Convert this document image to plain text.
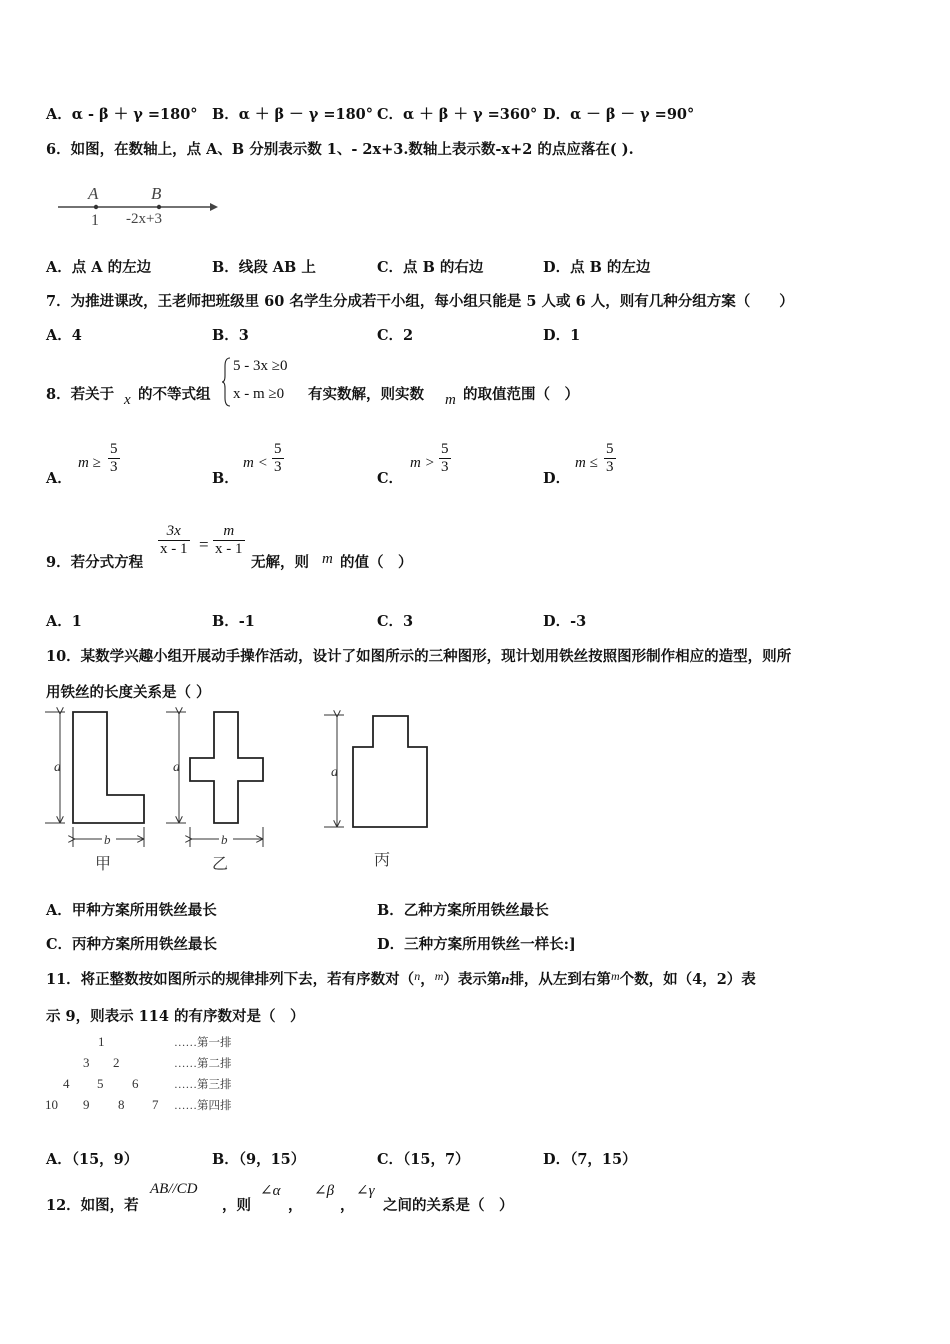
A．α - β ＋ γ =180° B．α ＋ β － γ =180° C．α ＋ β ＋ γ =360° D．α － β － γ =90°
6．如图，在数轴上，点 A、B 分别表示数 1、- 2x+3.数轴上表示数-x+2 的点应落在( ).
A	B
1 -2x+3
A．点 A 的左边	B．线段 AB 上	C．点 B 的右边	D．点 B 的左边
7．为推进课改，王老师把班级里 60 名学生分成若干小组，每小组只能是 5 人或 6 人，则有几种分组方案（　　）
A．4	B．3	C．2	D．1
8．若关于 x 的不等式组
5 - 3x ≥0
x - m ≥0 有实数解，则实数 m 的取值范围（　）
A．
$m \ge \frac{5}{3}$
B．
$m < \frac{5}{3}$
C．
$m > \frac{5}{3}$
D．
$m \le \frac{5}{3}$
9．若分式方程
$\frac{3x}{x - 1} = \frac{m}{x - 1}$
无解，则 m 的值（　）
A．1	B．-1	C．3	D．-3
10．某数学兴趣小组开展动手操作活动，设计了如图所示的三种图形，现计划用铁丝按照图形制作相应的造型，则所
用铁丝的长度关系是（ ）
a
b
甲
a
b
乙
a
丙
A．甲种方案所用铁丝最长	B．乙种方案所用铁丝最长
C．丙种方案所用铁丝最长	D．三种方案所用铁丝一样长:]
11．将正整数按如图所示的规律排列下去，若有序数对（$^n$，$^m$）表示第n排，从左到右第$^m$个数，如（4，2）表
示 9，则表示 114 的有序数对是（　）
1	……第一排
3 2	……第二排
4 5 6	……第三排
10 9 8 7 ……第四排
A．（15，9）	B．（9，15）	C．（15，7）	D．（7，15）
12．如图，若
AB//CD
，则
∠α
，
∠β
，
∠γ
之间的关系是（　）
